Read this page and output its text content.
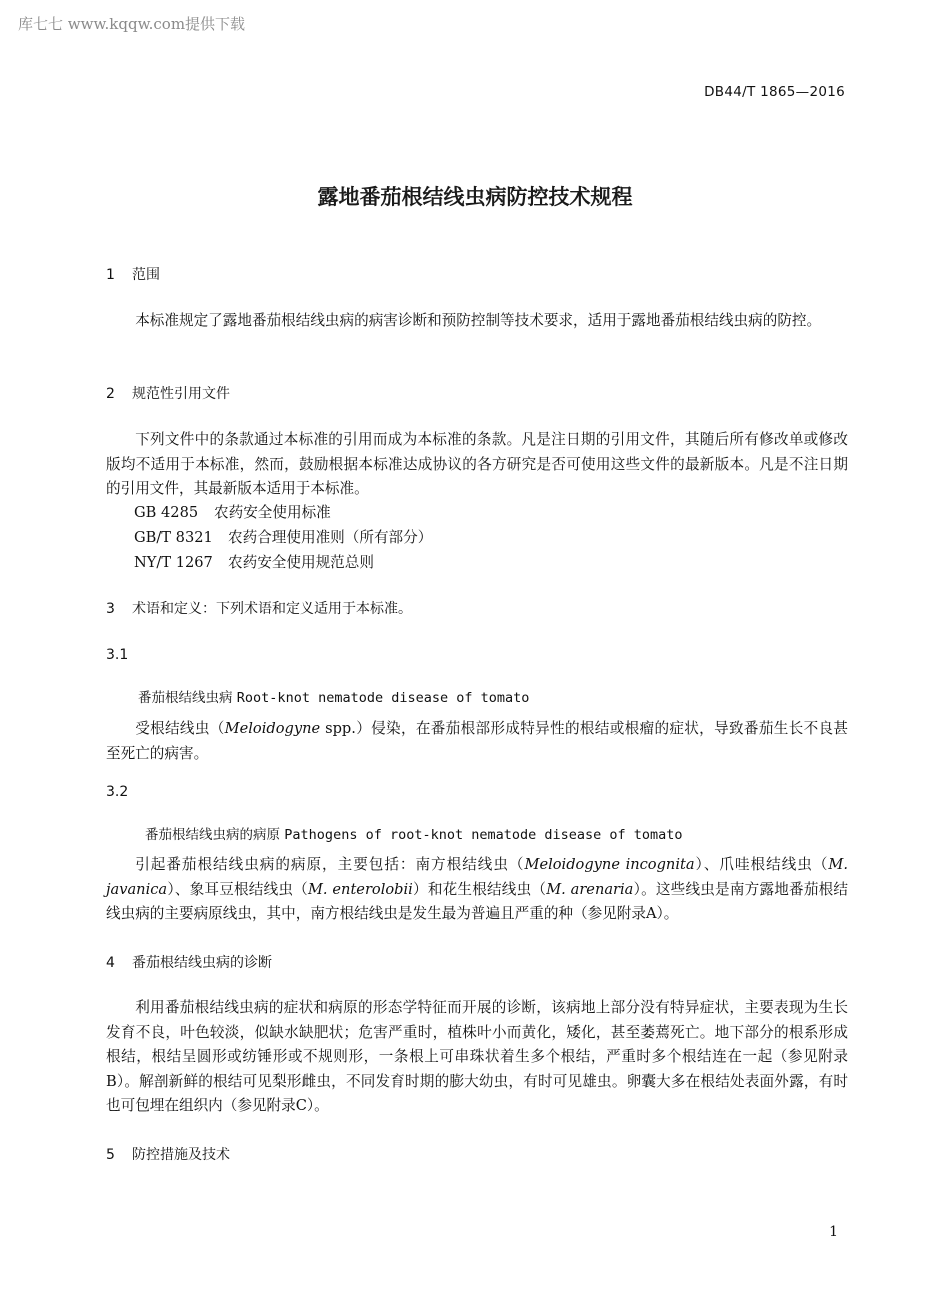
库七七 www.kqqw.com提供下载
DB44/T 1865—2016
露地番茄根结线虫病防控技术规程
1 范围
本标准规定了露地番茄根结线虫病的病害诊断和预防控制等技术要求，适用于露地番茄根结线虫病的防控。
2 规范性引用文件
下列文件中的条款通过本标准的引用而成为本标准的条款。凡是注日期的引用文件，其随后所有修改单或修改版均不适用于本标准，然而，鼓励根据本标准达成协议的各方研究是否可使用这些文件的最新版本。凡是不注日期的引用文件，其最新版本适用于本标准。
GB 4285 农药安全使用标准
GB/T 8321 农药合理使用准则（所有部分）
NY/T 1267 农药安全使用规范总则
3 术语和定义：下列术语和定义适用于本标准。
3.1
番茄根结线虫病 Root-knot nematode disease of tomato
受根结线虫（Meloidogyne spp.）侵染，在番茄根部形成特异性的根结或根瘤的症状，导致番茄生长不良甚至死亡的病害。
3.2
番茄根结线虫病的病原 Pathogens of root-knot nematode disease of tomato
引起番茄根结线虫病的病原，主要包括：南方根结线虫（Meloidogyne incognita）、爪哇根结线虫（M. javanica）、象耳豆根结线虫（M. enterolobii）和花生根结线虫（M. arenaria）。这些线虫是南方露地番茄根结线虫病的主要病原线虫，其中，南方根结线虫是发生最为普遍且严重的种（参见附录A）。
4 番茄根结线虫病的诊断
利用番茄根结线虫病的症状和病原的形态学特征而开展的诊断，该病地上部分没有特异症状，主要表现为生长发育不良，叶色较淡，似缺水缺肥状；危害严重时，植株叶小而黄化，矮化，甚至萎蔫死亡。地下部分的根系形成根结，根结呈圆形或纺锤形或不规则形，一条根上可串珠状着生多个根结，严重时多个根结连在一起（参见附录B）。解剖新鲜的根结可见梨形雌虫，不同发育时期的膨大幼虫，有时可见雄虫。卵囊大多在根结处表面外露，有时也可包埋在组织内（参见附录C）。
5 防控措施及技术
1
